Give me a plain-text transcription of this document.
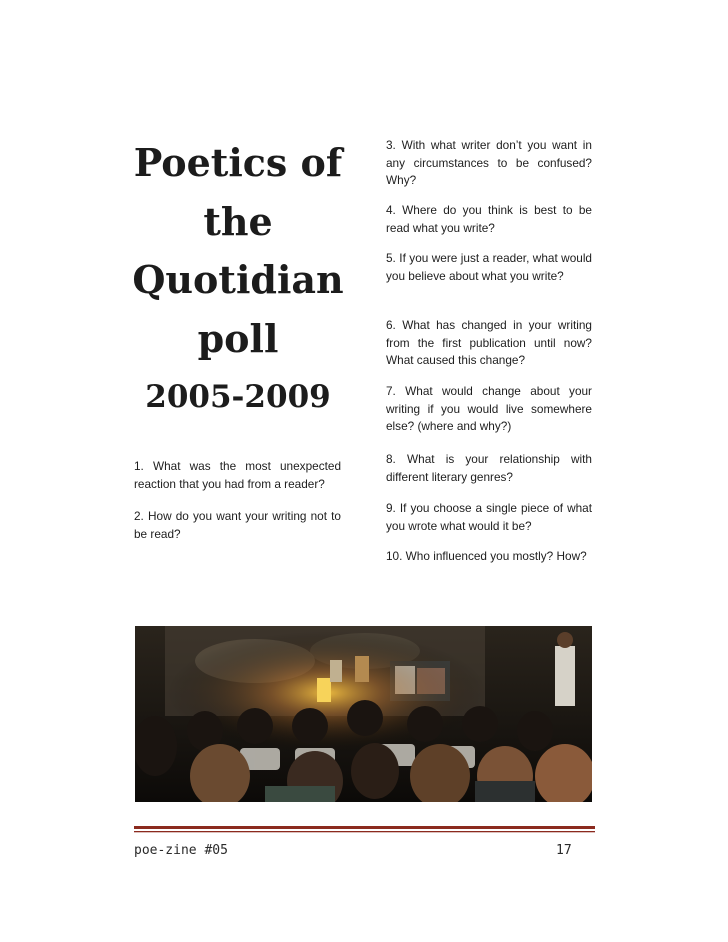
Poetics of
the
Quotidian
poll
2005-2009
1. What was the most unexpected reaction that you had from a reader?
2. How do you want your writing not to be read?
3. With what writer don’t you want in any circumstances to be confused? Why?
4. Where do you think is best to be read what you write?
5. If you were just a reader, what would you believe about what you write?
6. What has changed in your writing from the first publication until now? What caused this change?
7. What would change about your writing if you would live somewhere else? (where and why?)
8. What is your relationship with different literary genres?
9. If you choose a single piece of what you wrote what would it be?
10. Who influenced you mostly? How?
poe-zine #05	17
